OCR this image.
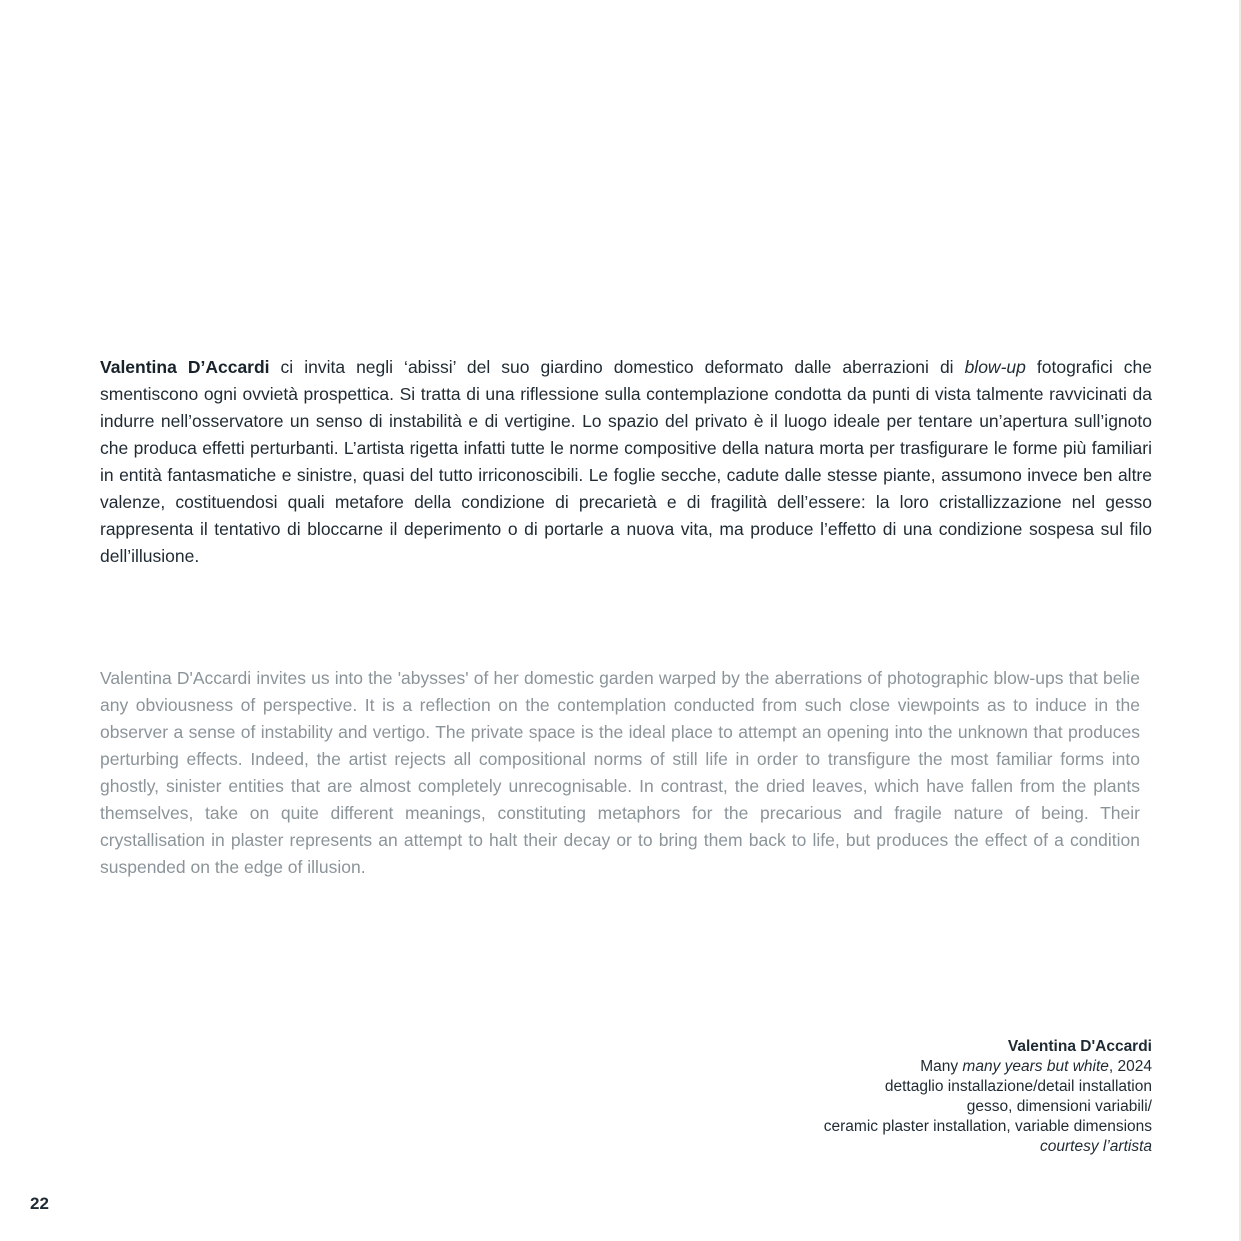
Valentina D’Accardi ci invita negli ‘abissi’ del suo giardino domestico deformato dalle aberrazioni di blow-up fotografici che smentiscono ogni ovvietà prospettica. Si tratta di una riflessione sulla contemplazione condotta da punti di vista talmente ravvicinati da indurre nell’osservatore un senso di instabilità e di vertigine. Lo spazio del privato è il luogo ideale per tentare un’apertura sull’ignoto che produca effetti perturbanti. L’artista rigetta infatti tutte le norme compositive della natura morta per trasfigurare le forme più familiari in entità fantasmatiche e sinistre, quasi del tutto irriconoscibili. Le foglie secche, cadute dalle stesse piante, assumono invece ben altre valenze, costituendosi quali metafore della condizione di precarietà e di fragilità dell’essere: la loro cristallizzazione nel gesso rappresenta il tentativo di bloccarne il deperimento o di portarle a nuova vita, ma produce l’effetto di una condizione sospesa sul filo dell’illusione.

Valentina D'Accardi invites us into the 'abysses' of her domestic garden warped by the aberrations of photographic blow-ups that belie any obviousness of perspective. It is a reflection on the contemplation conducted from such close viewpoints as to induce in the observer a sense of instability and vertigo. The private space is the ideal place to attempt an opening into the unknown that produces perturbing effects. Indeed, the artist rejects all compositional norms of still life in order to transfigure the most familiar forms into ghostly, sinister entities that are almost completely unrecognisable. In contrast, the dried leaves, which have fallen from the plants themselves, take on quite different meanings, constituting metaphors for the precarious and fragile nature of being. Their crystallisation in plaster represents an attempt to halt their decay or to bring them back to life, but produces the effect of a condition suspended on the edge of illusion.

Valentina D'Accardi
Many many years but white, 2024
dettaglio installazione/detail installation
gesso, dimensioni variabili/
ceramic plaster installation, variable dimensions
courtesy l’artista
22
